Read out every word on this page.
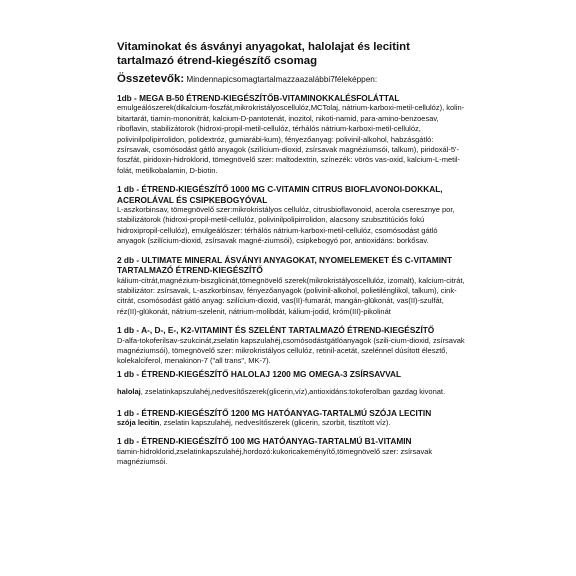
Vitaminokat és ásványi anyagokat, halolajat és lecitint tartalmazó étrend-kiegészítő csomag

Összetevők: Mindennapicsomagtartalmazzaazalábbi7féleképpen:

1db - MEGA B-50 ÉTREND-KIEGÉSZÍTŐB-VITAMINOKKALÉSFOLÁTTAL

emulgeálószerek(dikalcium-foszfát,mikrokristályoscellulóz,MCTolaj, nátrium-karboxi-metil-cellulóz), kolin-bitartarát, tiamin-mononitrát, kalcium-D-pantotenát, inozitol, nikoti-namid, para-amino-benzoesav, riboflavin, stabilizátorok (hidroxi-propil-metil-cellulóz, térhálós nátrium-karboxi-metil-cellulóz, polivinilpolipirrolidon, polidextróz, gumiarábi-kum), fényezőanyag: polivinil-alkohol, habzásgátló: zsírsavak, csomósodást gátló anyagok (szilícium-dioxid, zsírsavak magnéziumsói, talkum), piridoxál-5'-foszfát, piridoxin-hidroklorid, tömegnövelő szer: maltodextrin, színezék: vörös vas-oxid, kalcium-L-metil-folát, metilkobalamin, D-biotin.

1 db - ÉTREND-KIEGÉSZÍTŐ 1000 MG C-VITAMIN CITRUS BIOFLAVONOI-DOKKAL, ACEROLÁVAL ÉS CSIPKEBOGYÓVAL

L-aszkorbinsav, tömegnövelő szer:mikrokristályos cellulóz, citrusbioflavonoid, acerola cseresznye por, stabilizátorok (hidroxi-propil-metil-cellulóz, polivinilpolipirrolidon, alacsony szubsztitúciós fokú hidroxipropil-cellulóz), emulgeálószer: térhálós nátrium-karboxi-metil-cellulóz, csomósodást gátló anyagok (szilícium-dioxid, zsírsavak magné-ziumsói), csipkebogyó por, antioxidáns: borkősav.

2 db - ULTIMATE MINERAL ÁSVÁNYI ANYAGOKAT, NYOMELEMEKET ÉS C-VITAMINT TARTALMAZÓ ÉTREND-KIEGÉSZÍTŐ

kálium-citrát,magnézium-biszglicinát,tömegnövelő szerek(mikrokristályoscellulóz, izomalt), kalcium-citrát, stabilizátor: zsírsavak, L-aszkorbinsav, fényezőanyagok (polivinil-alkohol, polietilénglikol, talkum), cink-citrát, csomósodást gátló anyag: szilícium-dioxid, vas(II)-fumarát, mangán-glükonát, vas(II)-szulfát, réz(II)-glükonát, nátrium-szelenit, nátrium-molibdát, kálium-jodid, króm(III)-pikolinát

1 db - A-, D-, E-, K2-VITAMINT ÉS SZELÉNT TARTALMAZÓ ÉTREND-KIEGÉSZÍTŐ

D-alfa-tokoferilsav-szukcinát,zselatin kapszulahéj,csomósodástgátlóanyagok (szili-cium-dioxid, zsírsavak magnéziumsói), tömegnövelő szer: mikrokristályos cellulóz, retinil-acetát, szelénnel dúsított élesztő, kolekalciferol, menakinon-7 ("all trans", MK-7).

1 db - ÉTREND-KIEGÉSZÍTŐ HALOLAJ 1200 MG OMEGA-3 ZSÍRSAVVAL

halolaj, zselatinkapszulahéj,nedvesítőszerek(glicerin,víz),antioxidáns:tokoferolban gazdag kivonat.

1 db - ÉTREND-KIEGÉSZÍTŐ 1200 MG HATÓANYAG-TARTALMÚ SZÓJA LECITIN

szója lecitin, zselatin kapszulahéj, nedvesítőszerek (glicerin, szorbit, tisztított víz).

1 db - ÉTREND-KIEGÉSZÍTŐ 100 MG HATÓANYAG-TARTALMÚ B1-VITAMIN

tiamin-hidroklorid,zselatinkapszulahéj,hordozó:kukoricakeményítő,tömegnövelő szer: zsírsavak magnéziumsói.
